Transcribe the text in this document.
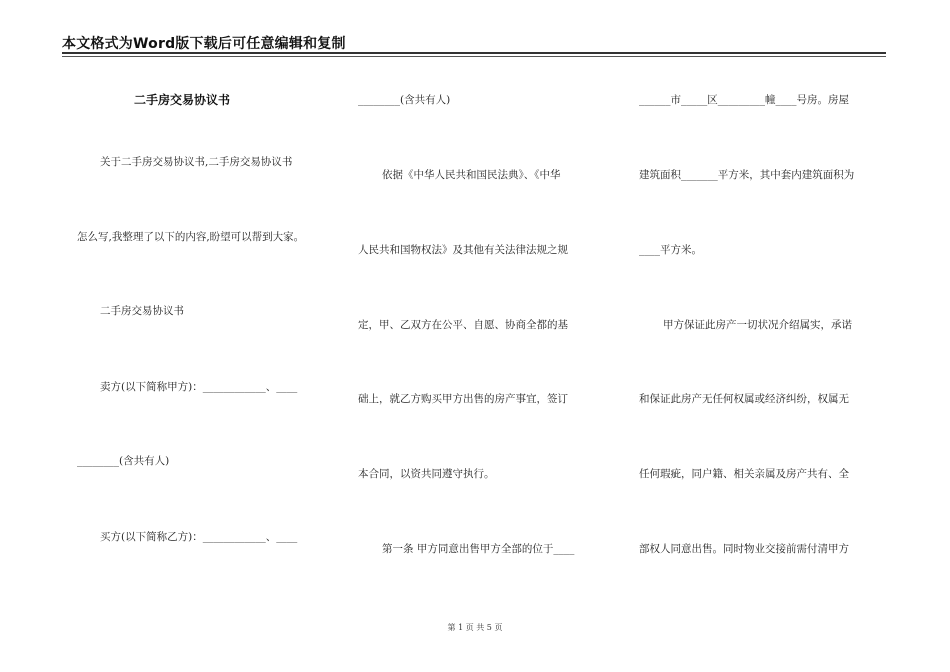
本文格式为Word版下载后可任意编辑和复制
二手房交易协议书
关于二手房交易协议书,二手房交易协议书
怎么写,我整理了以下的内容,盼望可以帮到大家。
二手房交易协议书
卖方(以下简称甲方)：____________、____
________(含共有人)
买方(以下简称乙方)：____________、____
________(含共有人)
依据《中华人民共和国民法典》、《中华
人民共和国物权法》及其他有关法律法规之规
定，甲、乙双方在公平、自愿、协商全都的基
础上，就乙方购买甲方出售的房产事宜，签订
本合同，以资共同遵守执行。
第一条 甲方同意出售甲方全部的位于____
______市_____区_________幢____号房。房屋
建筑面积_______平方米，其中套内建筑面积为
____平方米。
甲方保证此房产一切状况介绍属实，承诺
和保证此房产无任何权属或经济纠纷，权属无
任何瑕疵，同户籍、相关亲属及房产共有、全
部权人同意出售。同时物业交接前需付清甲方
第 1 页 共 5 页
